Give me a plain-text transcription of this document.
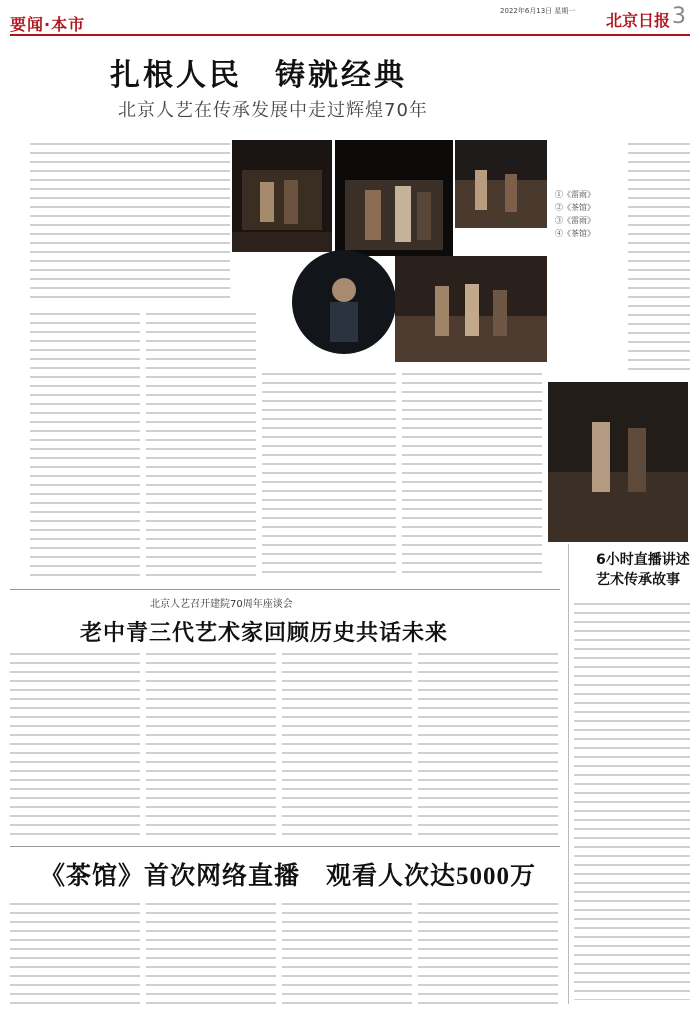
要闻·本市
2022年6月13日 星期一	北京日报 3
扎根人民　铸就经典
北京人艺在传承发展中走过辉煌70年
①《雷雨》
②《茶馆》
③《雷雨》
④《茶馆》
6小时直播讲述艺术传承故事
北京人艺召开建院70周年座谈会
老中青三代艺术家回顾历史共话未来
《茶馆》首次网络直播　观看人次达5000万
